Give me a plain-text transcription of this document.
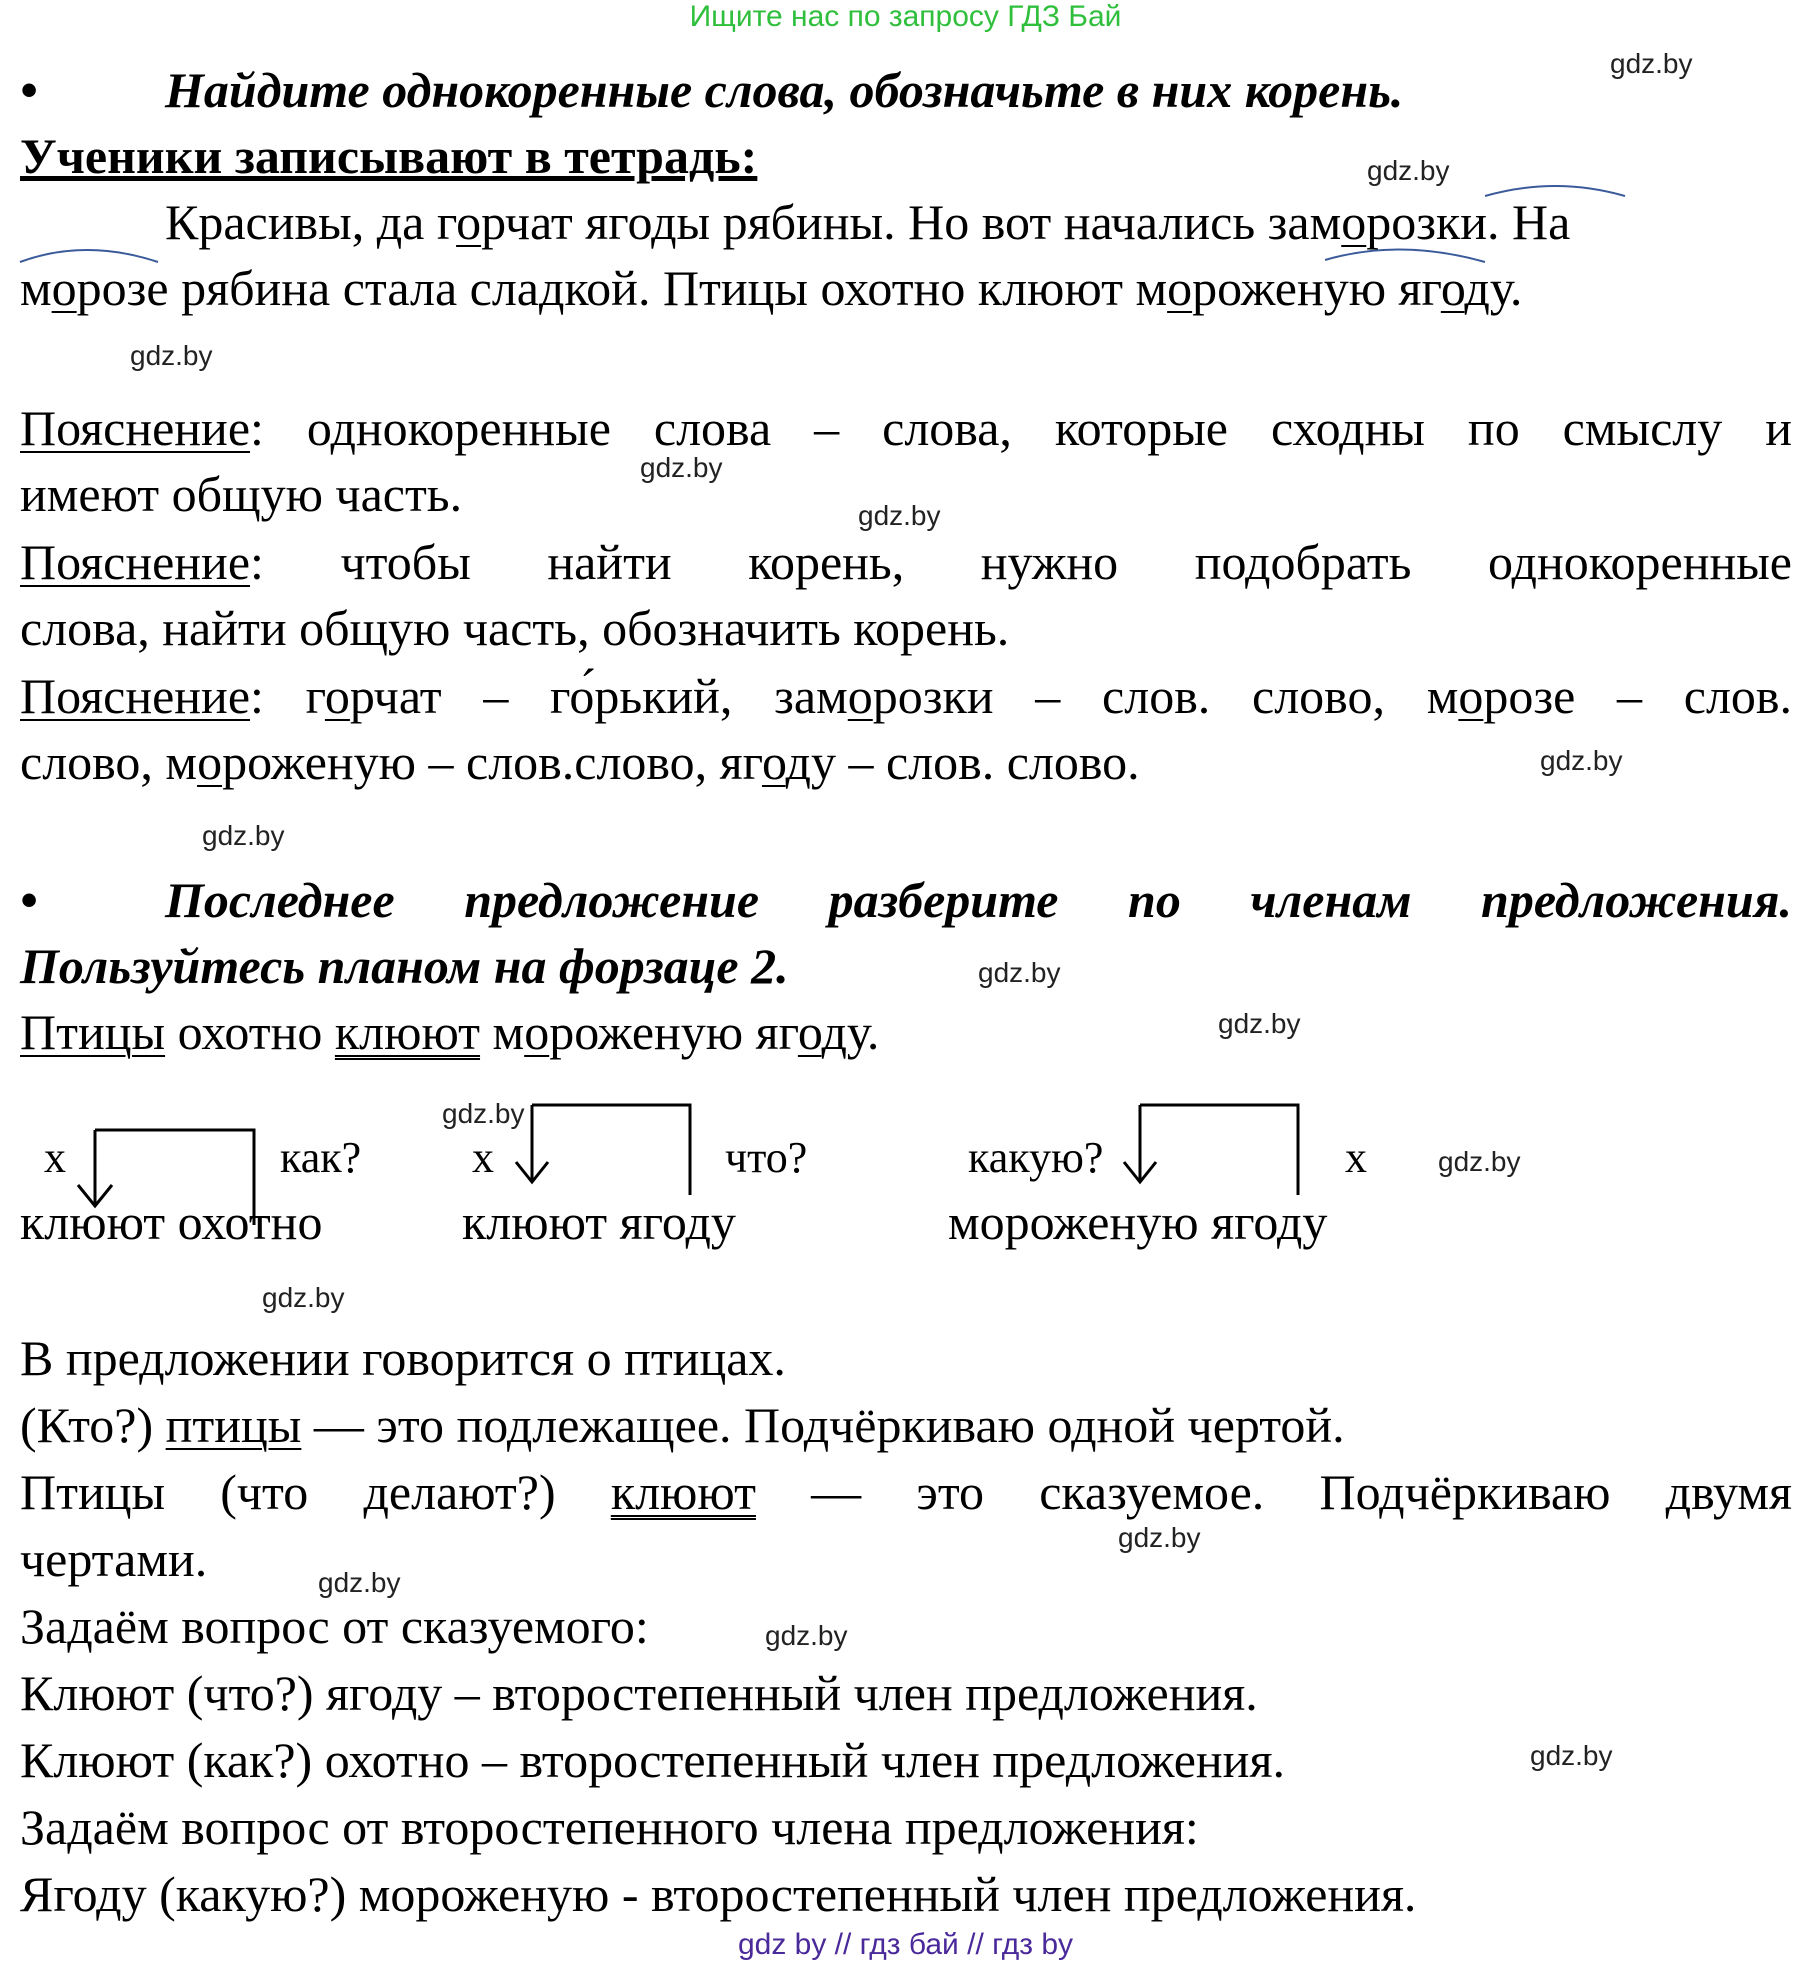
Ищите нас по запросу ГДЗ Бай
•	Найдите однокоренные слова, обозначьте в них корень.
Ученики записывают в тетрадь:
Красивы, да горчат ягоды рябины. Но вот начались заморозки. На
морозе рябина стала сладкой. Птицы охотно клюют мороженую ягоду.
Пояснение: однокоренные слова – слова, которые сходны по смыслу и
имеют общую часть.
Пояснение: чтобы найти корень, нужно подобрать однокоренные
слова, найти общую часть, обозначить корень.
Пояснение: горчат – го́рький, заморозки – слов. слово, морозе – слов.
слово, мороженую – слов.слово, ягоду – слов. слово.
•	Последнее предложение разберите по членам предложения.
Пользуйтесь планом на форзаце 2.
Птицы охотно клюют мороженую ягоду.
х	как?
клюют охотно
х	что?
клюют ягоду
какую?	х
мороженую ягоду
В предложении говорится о птицах.
(Кто?) птицы — это подлежащее. Подчёркиваю одной чертой.
Птицы (что делают?) клюют — это сказуемое. Подчёркиваю двумя
чертами.
Задаём вопрос от сказуемого:
Клюют (что?) ягоду – второстепенный член предложения.
Клюют (как?) охотно – второстепенный член предложения.
Задаём вопрос от второстепенного члена предложения:
Ягоду (какую?) мороженую - второстепенный член предложения.
gdz.by
gdz.by
gdz.by
gdz.by
gdz.by
gdz.by
gdz.by
gdz.by
gdz.by
gdz.by
gdz.by
gdz.by
gdz.by
gdz.by
gdz.by
gdz.by
gdz by // гдз бай // гдз by
